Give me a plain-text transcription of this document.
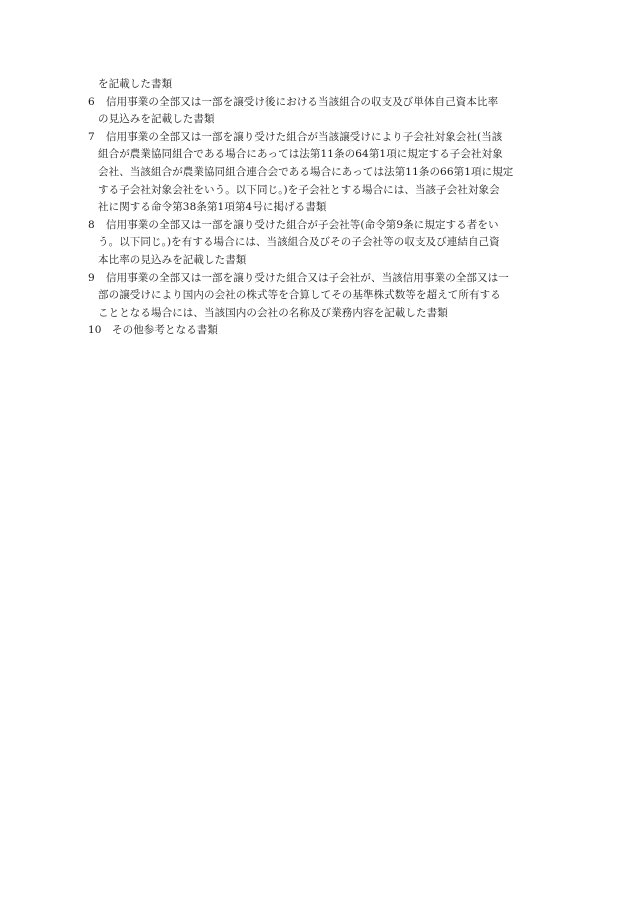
を記載した書類
6 信用事業の全部又は一部を譲受け後における当該組合の収支及び単体自己資本比率
の見込みを記載した書類
7 信用事業の全部又は一部を譲り受けた組合が当該譲受けにより子会社対象会社(当該
組合が農業協同組合である場合にあっては法第11条の64第1項に規定する子会社対象
会社、当該組合が農業協同組合連合会である場合にあっては法第11条の66第1項に規定
する子会社対象会社をいう。以下同じ。)を子会社とする場合には、当該子会社対象会
社に関する命令第38条第1項第4号に掲げる書類
8 信用事業の全部又は一部を譲り受けた組合が子会社等(命令第9条に規定する者をい
う。以下同じ。)を有する場合には、当該組合及びその子会社等の収支及び連結自己資
本比率の見込みを記載した書類
9 信用事業の全部又は一部を譲り受けた組合又は子会社が、当該信用事業の全部又は一
部の譲受けにより国内の会社の株式等を合算してその基準株式数等を超えて所有する
こととなる場合には、当該国内の会社の名称及び業務内容を記載した書類
10 その他参考となる書類
